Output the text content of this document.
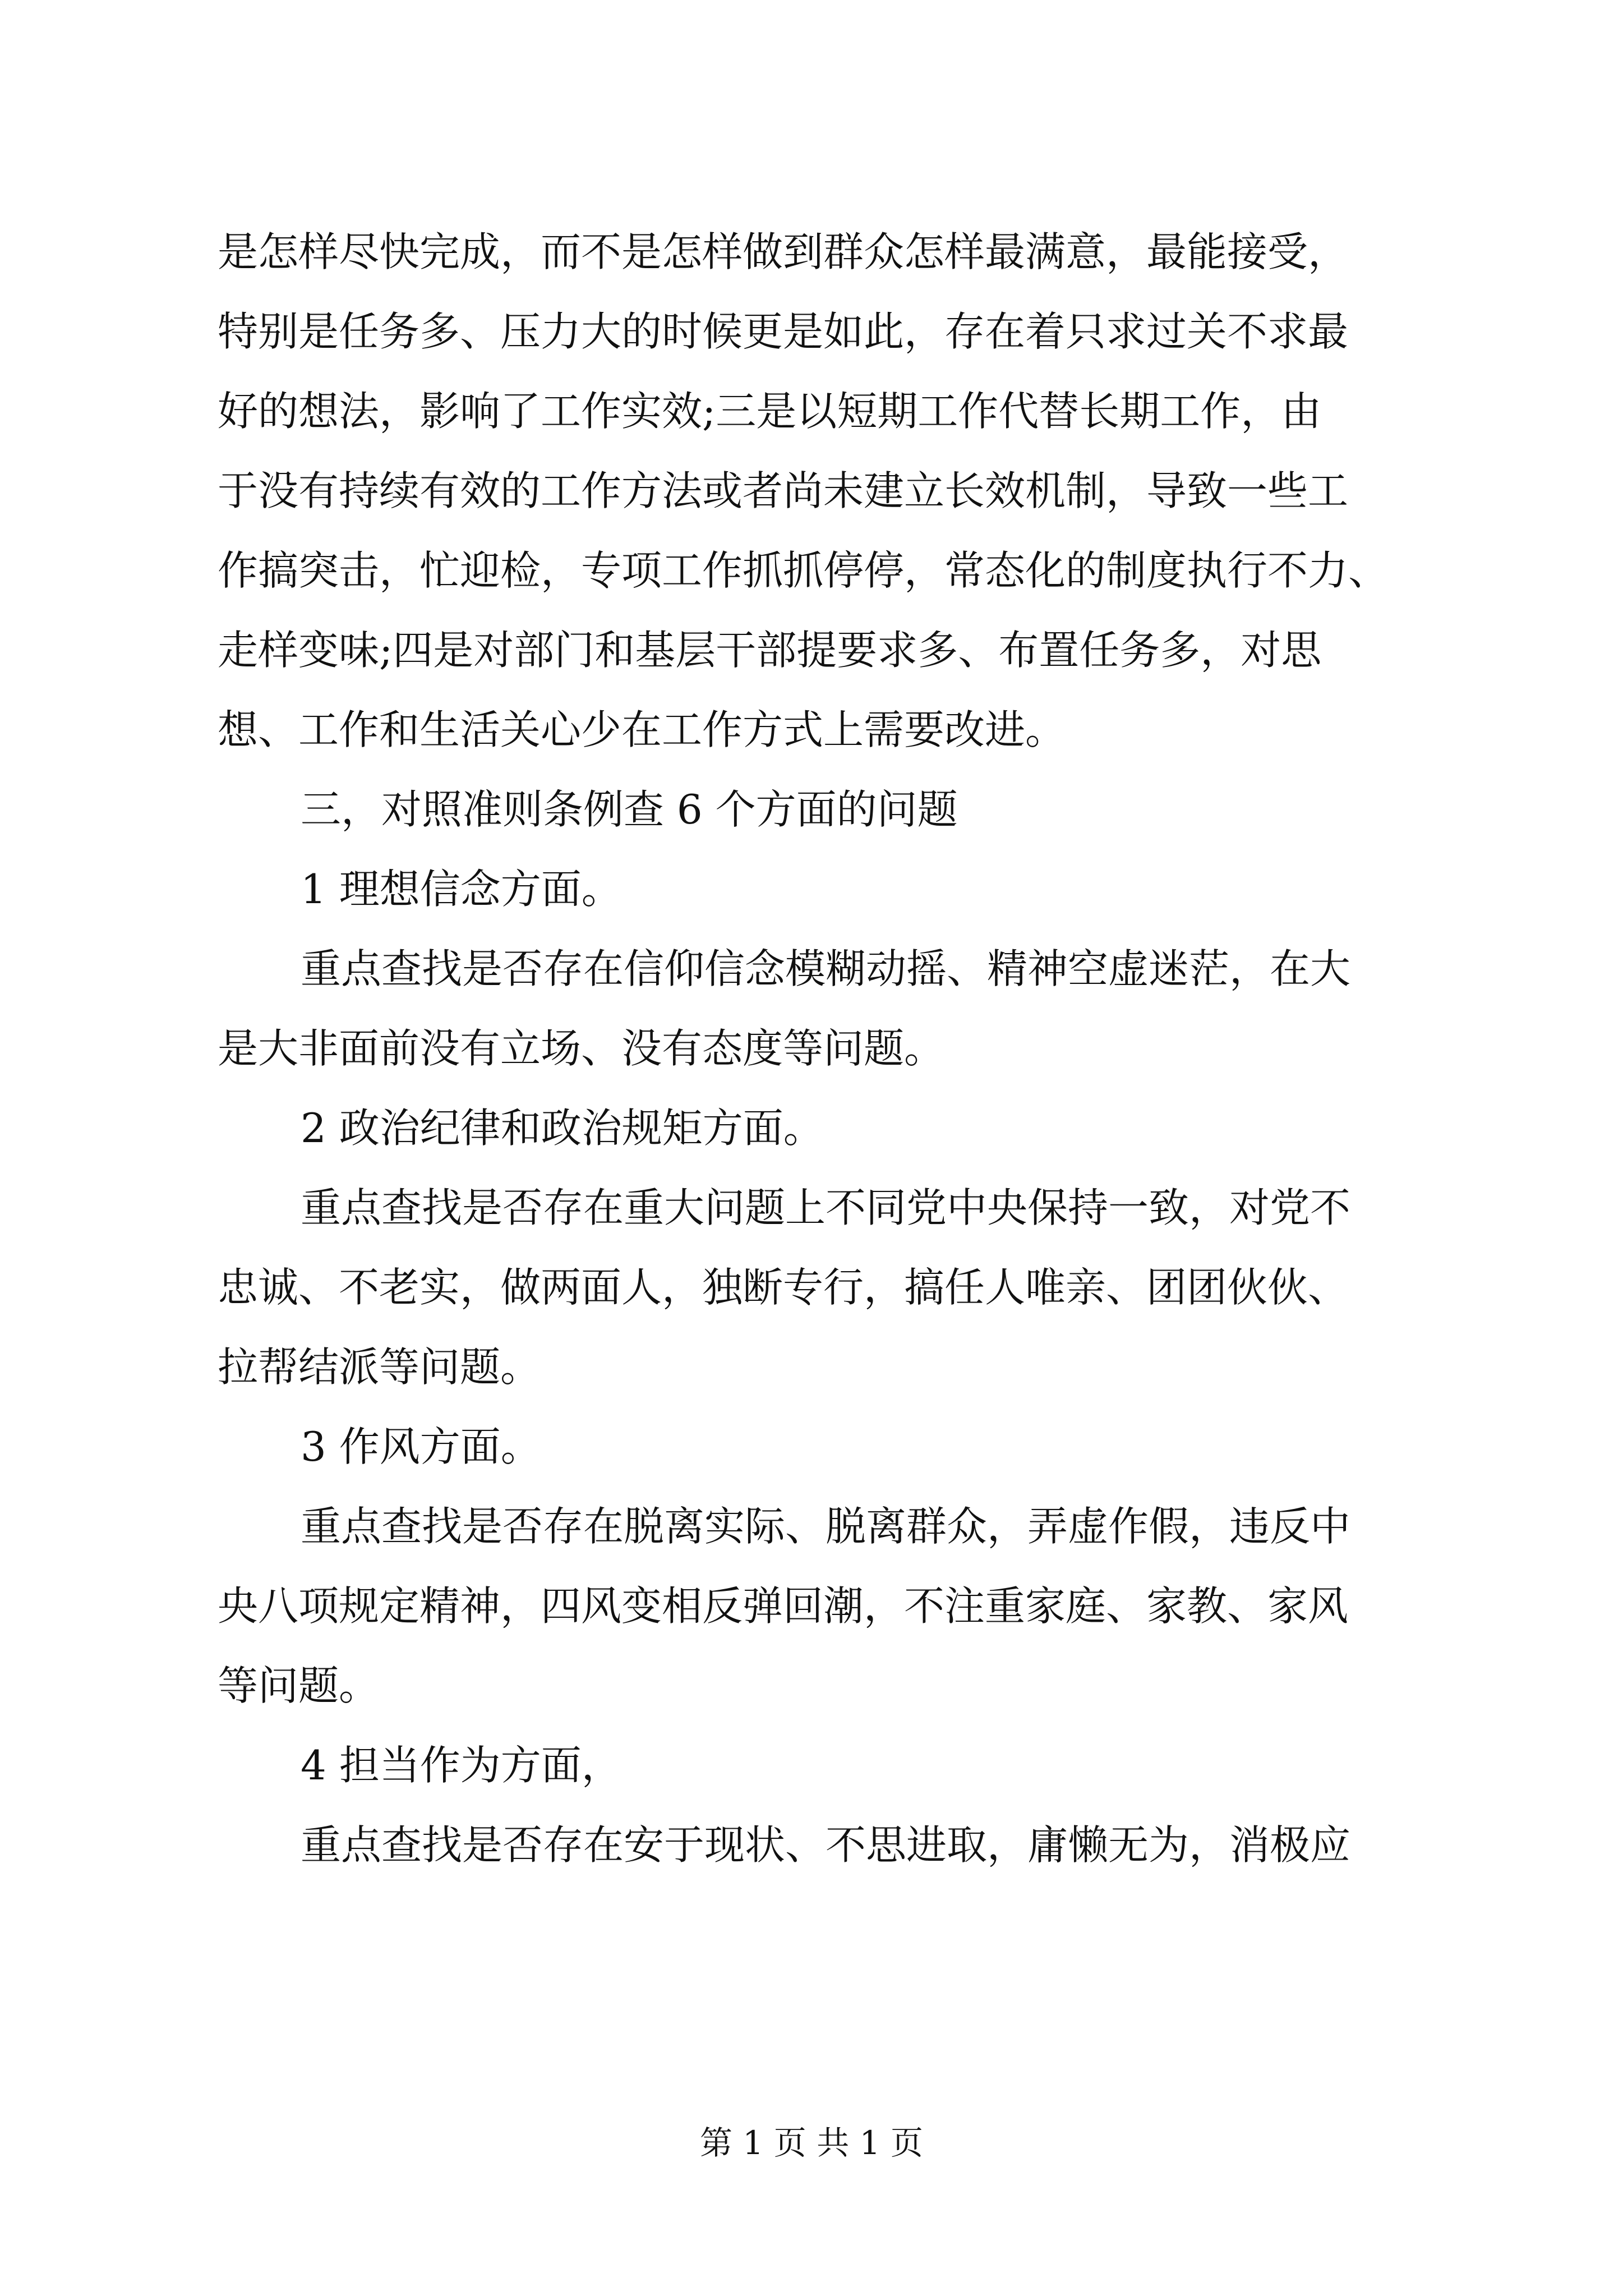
是怎样尽快完成，而不是怎样做到群众怎样最满意，最能接受，

特别是任务多、压力大的时候更是如此，存在着只求过关不求最

好的想法，影响了工作实效;三是以短期工作代替长期工作，由

于没有持续有效的工作方法或者尚未建立长效机制，导致一些工

作搞突击，忙迎检，专项工作抓抓停停，常态化的制度执行不力、

走样变味;四是对部门和基层干部提要求多、布置任务多，对思

想、工作和生活关心少在工作方式上需要改进。

三，对照准则条例查 6 个方面的问题

1 理想信念方面。

重点查找是否存在信仰信念模糊动摇、精神空虚迷茫，在大

是大非面前没有立场、没有态度等问题。

2 政治纪律和政治规矩方面。

重点查找是否存在重大问题上不同党中央保持一致，对党不

忠诚、不老实，做两面人，独断专行，搞任人唯亲、团团伙伙、

拉帮结派等问题。

3 作风方面。

重点查找是否存在脱离实际、脱离群众，弄虚作假，违反中

央八项规定精神，四风变相反弹回潮，不注重家庭、家教、家风

等问题。

4 担当作为方面，

重点查找是否存在安于现状、不思进取，庸懒无为，消极应

第 1 页 共 1 页
